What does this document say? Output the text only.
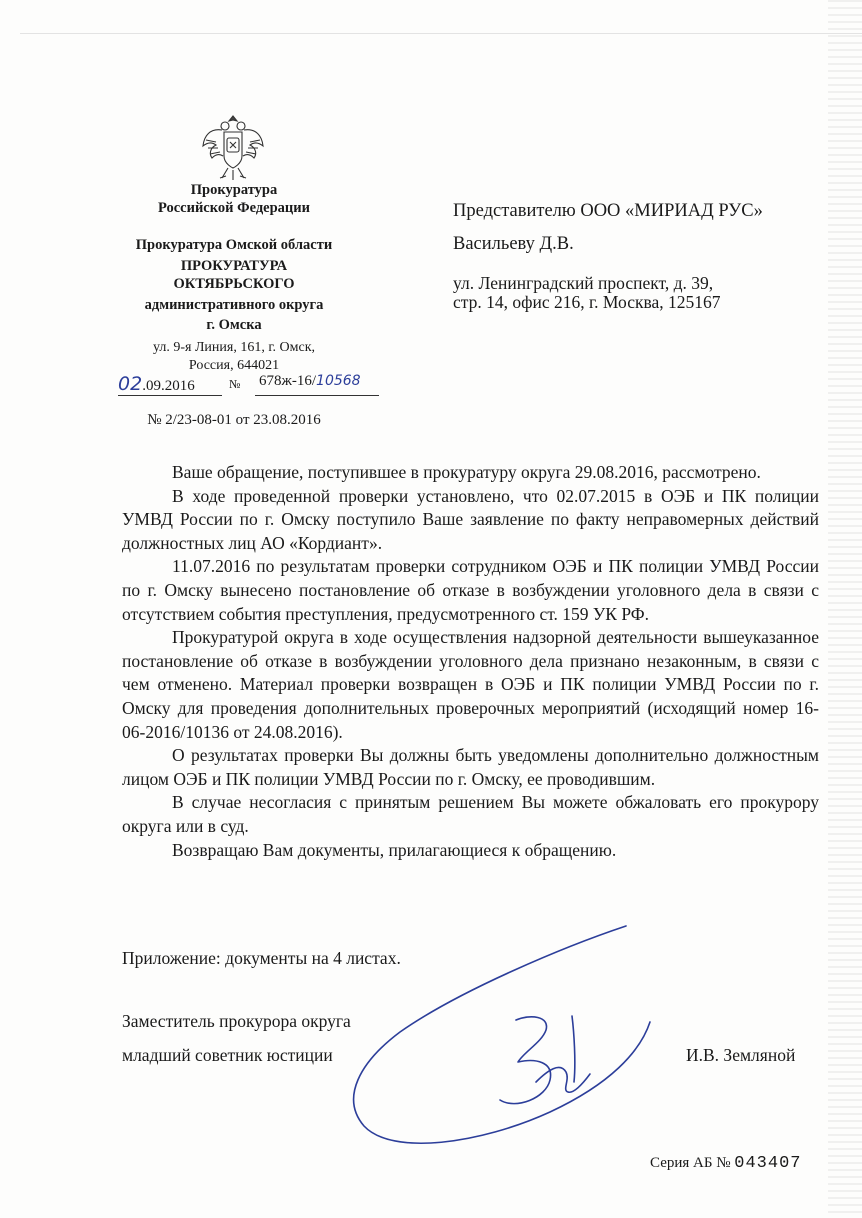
Прокуратура
Российской Федерации
Прокуратура Омской области
ПРОКУРАТУРА
ОКТЯБРЬСКОГО
административного округа
г. Омска
ул. 9-я Линия, 161, г. Омск,
Россия, 644021
02.09.2016	№ 678ж-16/10568
№ 2/23-08-01 от 23.08.2016
Представителю ООО «МИРИАД РУС»
Васильеву Д.В.
ул. Ленинградский проспект, д. 39,
стр. 14, офис 216, г. Москва, 125167

Ваше обращение, поступившее в прокуратуру округа 29.08.2016, рассмотрено.

В ходе проведенной проверки установлено, что 02.07.2015 в ОЭБ и ПК полиции УМВД России по г. Омску поступило Ваше заявление по факту неправомерных действий должностных лиц АО «Кордиант».

11.07.2016 по результатам проверки сотрудником ОЭБ и ПК полиции УМВД России по г. Омску вынесено постановление об отказе в возбуждении уголовного дела в связи с отсутствием события преступления, предусмотренного ст. 159 УК РФ.

Прокуратурой округа в ходе осуществления надзорной деятельности вышеуказанное постановление об отказе в возбуждении уголовного дела признано незаконным, в связи с чем отменено. Материал проверки возвращен в ОЭБ и ПК полиции УМВД России по г. Омску для проведения дополнительных проверочных мероприятий (исходящий номер 16-06-2016/10136 от 24.08.2016).

О результатах проверки Вы должны быть уведомлены дополнительно должностным лицом ОЭБ и ПК полиции УМВД России по г. Омску, ее проводившим.

В случае несогласия с принятым решением Вы можете обжаловать его прокурору округа или в суд.

Возвращаю Вам документы, прилагающиеся к обращению.

Приложение: документы на 4 листах.
Заместитель прокурора округа
младший советник юстиции	И.В. Земляной
Серия АБ № 043407
